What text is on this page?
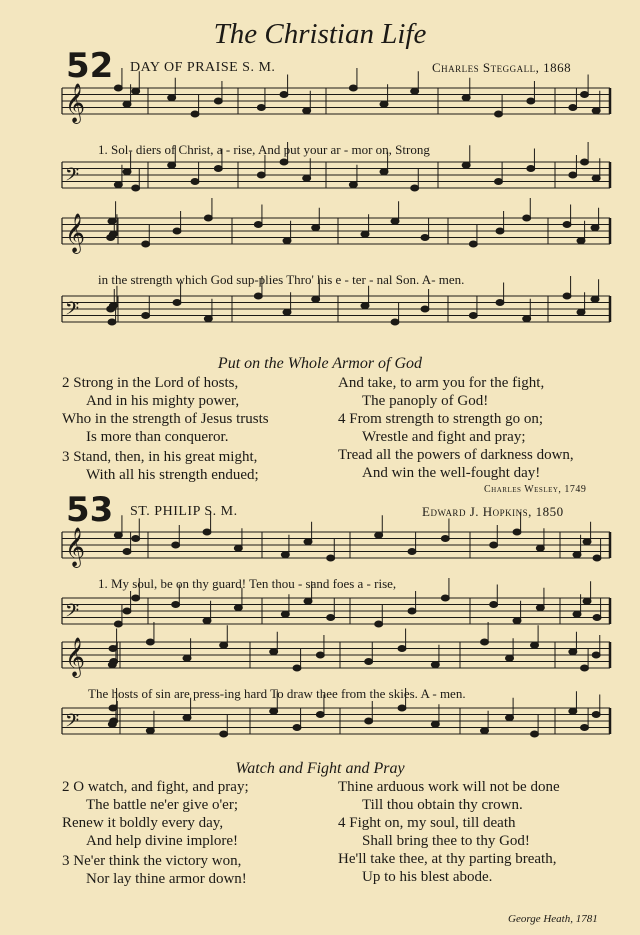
The Christian Life
52 DAY OF PRAISE S. M.	Charles Steggall, 1868
𝄞
𝄢
𝄞
𝄢
𝄞
𝄢
𝄞
𝄢
1. Sol- diers of Christ, a - rise, And put your ar - mor on, Strong
in the strength which God sup-plies Thro' his e - ter - nal Son. A- men.
Put on the Whole Armor of God
2 Strong in the Lord of hosts,
And in his mighty power,
Who in the strength of Jesus trusts
Is more than conqueror.
3 Stand, then, in his great might,
With all his strength endued;
And take, to arm you for the fight,
The panoply of God!
4 From strength to strength go on;
Wrestle and fight and pray;
Tread all the powers of darkness down,
And win the well-fought day!
Charles Wesley, 1749
53 ST. PHILIP S. M.	Edward J. Hopkins, 1850
1. My soul, be on thy guard! Ten thou - sand foes a - rise,
The hosts of sin are press-ing hard To draw thee from the skies. A - men.
Watch and Fight and Pray
2 O watch, and fight, and pray;
The battle ne'er give o'er;
Renew it boldly every day,
And help divine implore!
3 Ne'er think the victory won,
Nor lay thine armor down!
Thine arduous work will not be done
Till thou obtain thy crown.
4 Fight on, my soul, till death
Shall bring thee to thy God!
He'll take thee, at thy parting breath,
Up to his blest abode.
George Heath, 1781
